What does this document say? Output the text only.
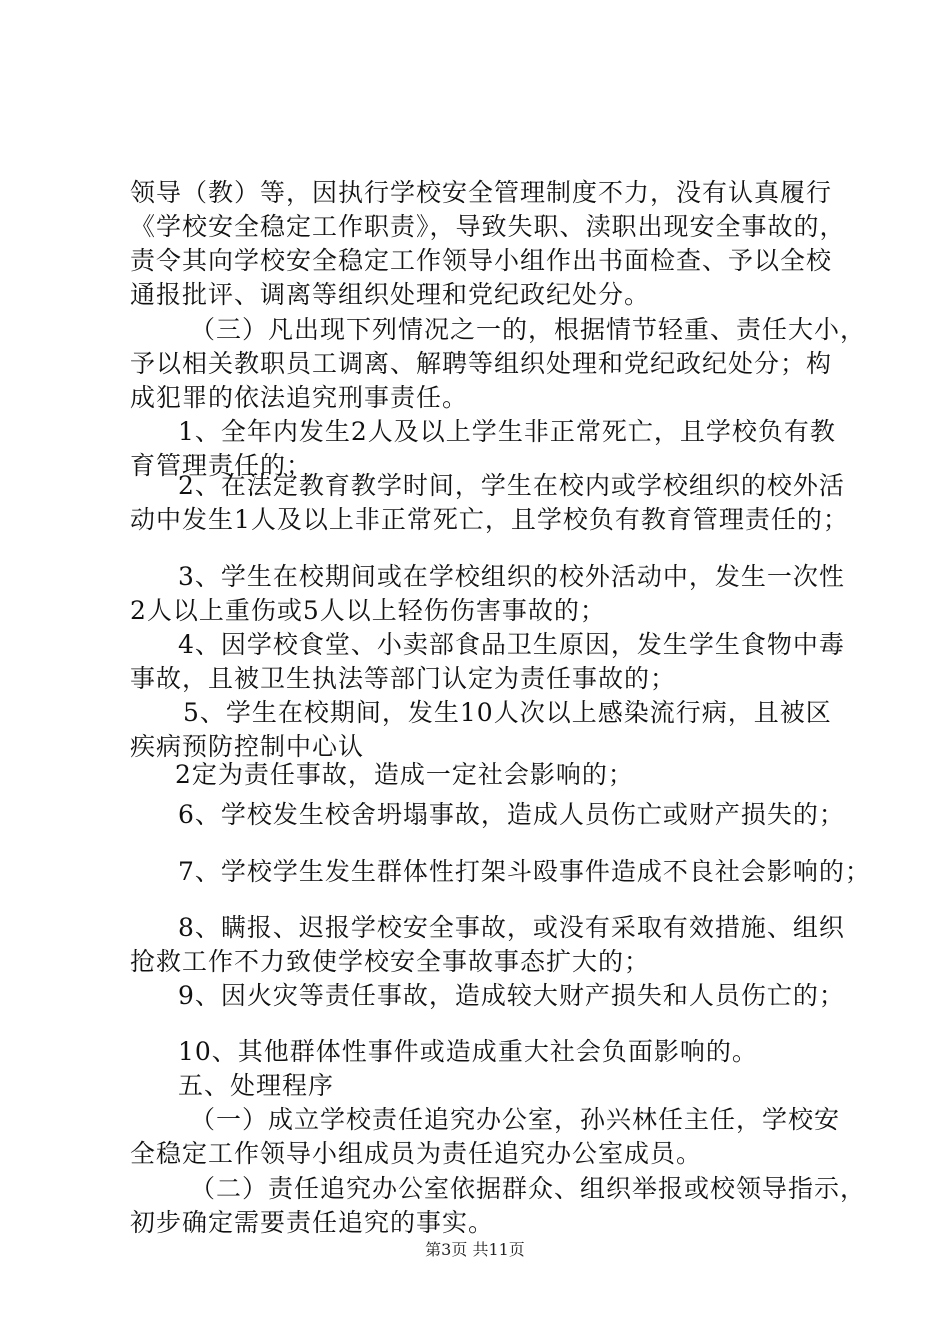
领导（教）等，因执行学校安全管理制度不力，没有认真履行
《学校安全稳定工作职责》，导致失职、渎职出现安全事故的，
责令其向学校安全稳定工作领导小组作出书面检查、予以全校
通报批评、调离等组织处理和党纪政纪处分。
（三）凡出现下列情况之一的，根据情节轻重、责任大小，
予以相关教职员工调离、解聘等组织处理和党纪政纪处分；构
成犯罪的依法追究刑事责任。
1、全年内发生2人及以上学生非正常死亡，且学校负有教
育管理责任的；
2、在法定教育教学时间，学生在校内或学校组织的校外活
动中发生1人及以上非正常死亡，且学校负有教育管理责任的；
3、学生在校期间或在学校组织的校外活动中，发生一次性
2人以上重伤或5人以上轻伤伤害事故的；
4、因学校食堂、小卖部食品卫生原因，发生学生食物中毒
事故，且被卫生执法等部门认定为责任事故的；
5、学生在校期间，发生10人次以上感染流行病，且被区
疾病预防控制中心认
2定为责任事故，造成一定社会影响的；
6、学校发生校舍坍塌事故，造成人员伤亡或财产损失的；
7、学校学生发生群体性打架斗殴事件造成不良社会影响的；
8、瞒报、迟报学校安全事故，或没有采取有效措施、组织
抢救工作不力致使学校安全事故事态扩大的；
9、因火灾等责任事故，造成较大财产损失和人员伤亡的；
10、其他群体性事件或造成重大社会负面影响的。
五、处理程序
（一）成立学校责任追究办公室，孙兴林任主任，学校安
全稳定工作领导小组成员为责任追究办公室成员。
（二）责任追究办公室依据群众、组织举报或校领导指示，
初步确定需要责任追究的事实。
第3页 共11页
